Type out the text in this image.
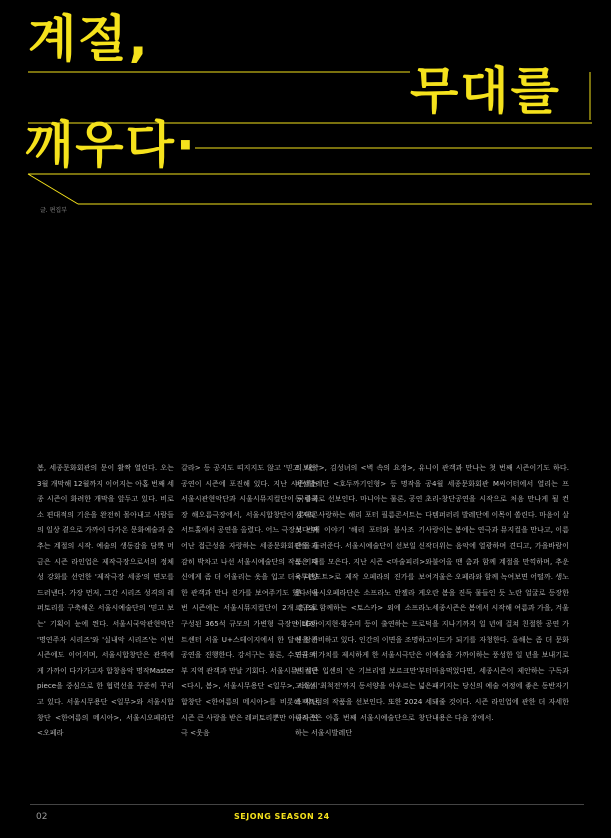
계절,
무대를
깨우다·
글. 편집부

봄, 세종문화회관의 문이 활짝 열린다. 오는 3월 개막해 12월까지 이어지는 아홉 번째 세종 시즌이 화려한 개막을 앞두고 있다. 비로소 편대적의 기운을 완전히 몰아내고 사람들의 일상 곁으로 가까이 다가온 문화예술과 춤추는 계절의 시작. 예술의 생동감을 담뿍 머금은 시즌 라인업은 제작극장으로서의 정체성 강화를 선언한 '제작극장 세종'의 면모를 드러낸다. 가장 먼저, 그간 시리즈 성격의 레퍼토리를 구축해온 서울시예술단의 '믿고 보는' 기획이 눈에 띈다. 서울시국악관현악단 '명연주자 시리즈'와 '실내악 시리즈'는 이번 시즌에도 이어지며, 서울시합창단은 관객에게 가까이 다가가고자 합창음악 명작Masterpiece을 중심으로 한 협력선을 꾸준히 꾸리고 있다. 서울시무용단 <일무>와 서울시합창단 <한여름의 메시아>, 서울시오페라단 <오페라

갈라> 등 공지도 띠지지도 않고 '믿고 보는' 공연이 시즌에 포진해 있다. 지난 시즌에는 서울시관현악단과 시울시뮤지컬단이 국립극장 해오름극장에서, 서울시합창단이 롯데콘서트홀에서 공연을 올렸다. 어느 극장보다 뛰어난 접근성을 자랑하는 세종문화회관을 과감히 박차고 나선 서울시예술단의 작품은 자신에게 좀 더 어울리는 옷을 입고 더욱 다양한 관객과 만나 진가를 보여주기도 했다. 이번 시즌에는 서울시뮤지컬단이 2개 층으로 구성된 365석 규모의 가변형 극장인 LG아트센터 서울 U+스테이지에서 한 달여 장기 공연을 진행한다. 강서구는 물론, 수도권 서부 지역 관객과 만날 기회다. 서울시뮤지컬단 <다시, 봄>, 서울시무용단 <일무>, 서울시합창단 <한여름의 메시아>를 비롯해 지난 시즌 큰 사랑을 받은 레퍼토리뿐만 아니라 연극 <웃음

의 대학>, 김성녀의 <벽 속의 요정>, 유니버설발레단 <호두까기인형> 등 명작을 공동 주최로 선보인다. 마니아는 물론, 공연 초심자도 사랑하는 해리 포터 필름콘서트는 다섯 번째 이야기 '해리 포터와 불사조 기사단'을 들려준다. 서울시예술단이 선보일 신작도 기대를 모은다. 지난 시즌 <마술피리>와 <투란도트>로 제작 오페라의 진가를 보여준 서울시오페라단은 소프라노 안젤라 게오르규와 함께하는 <토스카> 외에 소프라노 이해정·이지현·황수미 등이 출연하는 프로덕션을 준비하고 있다. 인간의 이면을 조명하고 연극의 가치를 제시하게 한 서울시극단은 이번 시즌 입센의 '은 기브리엘 보르크만'부터 고소설 '최척전'까지 동서양을 아우르는 넓은 스펙트럼의 작품을 선보인다. 또한 2024 세종시즌은 아홉 번째 서울시예술단으로 창단하는 서울시발레단

이 관객과 만나는 첫 번째 시즌이기도 하다. 4월 세종문화회관 M씨어터에서 열리는 프리-창단공연을 시작으로 처음 만나게 될 컨템퍼러리 발레단에 이목이 쏠린다. 마음이 살랑이는 봄에는 연극과 뮤지컬을 만나고, 이름 더위는 음악에 열광하며 견디고, 가을바람이 불어올 땐 춤과 함께 계절을 만끽하며, 추운 겨울은 오페라와 함께 녹여보면 어떨까. 생노란 봄을 진득 물들인 듯 노란 얼굴로 등장한 세종시즌은 봄에서 시작해 여름과 가을, 겨울을 지나기까지 일 년에 걸쳐 친절한 공연 가이드가 되기를 자청한다. 올해는 좀 더 문화예술을 가까이하는 풍성한 일 년을 보내기로 마음먹었다면, 세종시즌이 제안하는 구독과 패키지는 당신의 예술 여정에 좋은 동반자기 돼줄 것이다. 시즌 라인업에 관한 더 자세한 내용은 다음 장에서.

02	SEJONG SEASON 24
